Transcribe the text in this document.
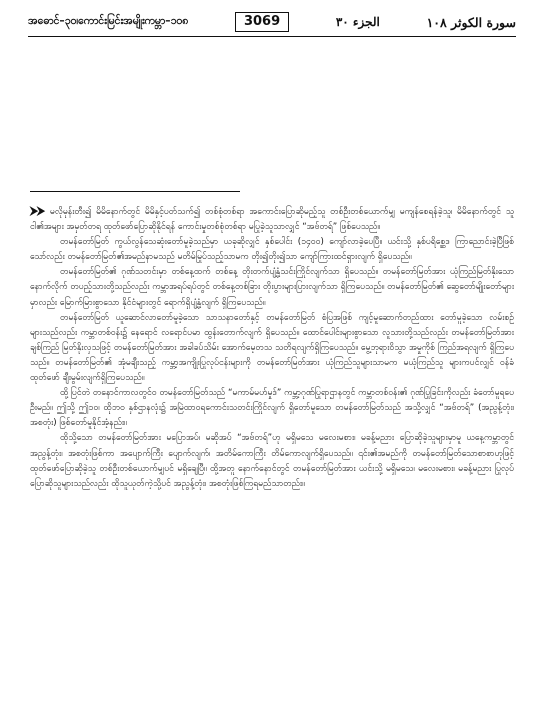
အဓောင်–၃၀၊ကောင်းမြင်းအမျိုးကမ္ဘာ–၁၀၈	3069	الجزء ٣٠	سورة الكوثر ١٠٨

⮞⮞ မလိုမုန်းတီး၍ မိမိနောက်တွင် မိမိနှင့်ပတ်သက်၍ တစ်စုံတစ်ရာ အကောင်းပြောဆိုမည့်သူ တစ်ဦးတစ်ယောက်မျှ မကျန်စေရန်ခဲ့သူ၊ မိမိနောက်တွင် သူငါ၏အများ အမှတ်တရ ထုတ်ဖော်ပြောဆိုနိုင်ရန် ကောင်းမှုတစ်စုံတစ်ရာ မပြုခဲ့သူသာလျှင် “အဗ်တရ်” ဖြစ်ပေသည်။

တမန်တော်မြတ် ကွယ်လွန်သေဆုံးတော်မူခဲ့သည်မှာ ယခုဆိုလျှင် နှစ်ပေါင်း (၁၄၀၀) ကျော်လာခဲ့ပေပြီ။ ယင်းသို့ နှစ်ပရိစ္ဆေဒ ကြာညောင်းခဲ့ပြီဖြစ်သော်လည်း တမန်တော်မြတ်၏အမည်နာမသည် မတိမ်မြုပ်သည့်သာမက တိုး၍တိုး၍သာ ကျော်ကြားထင်ရှားလျက် ရှိပေသည်။

တမန်တော်မြတ်၏ ဂုဏ်သတင်းမှာ တစ်နေ့ထက် တစ်နေ့ တိုးတက်ပျံ့နှံ့သင်းကြိုင်လျက်သာ ရှိပေသည်။ တမန်တော်မြတ်အား ယုံကြည်မြတ်နိုးသော နောက်လိုက် တပည့်သားတို့သည်လည်း ကမ္ဘာအရပ်ရပ်တွင် တစ်နေ့တစ်ခြား တိုးပွားများပြားလျက်သာ ရှိကြပေသည်။ တမန်တော်မြတ်၏ ဆွေတော်မျိုးတော်များမှာလည်း မြောက်မြားစွာသော နိုင်ငံများတွင် ရောက်ရှိပျံ့နှံ့လျက် ရှိကြပေသည်။

တမန်တော်မြတ် ယူဆောင်လာတော်မူခဲ့သော သာသနာတော်နှင့် တမန်တော်မြတ် စံပြအဖြစ် ကျင့်မူဆောက်တည်ထား တော်မူခဲ့သော လမ်းစဉ်များသည်လည်း ကမ္ဘာတစ်ဝန်း၌ နေရောင် လရောင်ပမာ ထွန်းတောက်လျက် ရှိပေသည်။ ထောင်ပေါင်းများစွာသော လူသားတို့သည်လည်း တမန်တော်မြတ်အား ချစ်ကြည် မြတ်နိုးလှသဖြင့် တမန်တော်မြတ်အား အခါခပ်သိမ်း အောက်မေ့တသ သတိရလျက်ရှိကြပေသည်။ မွေ့ဘုရားဝိသွာ အမှုကိုစ် ကြည်အရလျက် ရှိကြပေသည်။ တမန်တော်မြတ်၏ အုံမချီးသည့် ကမ္ဘာ့အကျိုးပြုလုပ်ငန်းများကို တမန်တော်မြတ်အား ယုံကြည်သူများသာမက မယုံကြည်သူ များကပင်လျှင် ဝန်ခံထုတ်ဖော် ချီးမွမ်းလျက်ရှိကြပေသည်။

ထို့ပြင်တဲ တနောင်ကာလတွင်ဝ တမန်တော်မြတ်သည် “မကာမ်မဟ်မှုဒ်” ကမ္ဘာ့ဂုဏ်ပြုရာဌာနတွင် ကမ္ဘာတစ်ဝန်း၏ ဂုဏ်ပြုခြင်းကိုလည်း ခံတော်မူရပေဦးမည်။ ဤသို့ ဤ၁ဝ၊ ထိုဘဝ နှစ်ဌာနလုံး၌ အမြဲထာဝရကောင်းသတင်းကြိုင်လျက် ရှိတော်မူသော တမန်တော်မြတ်သည် အသို့လျှင် “အဗ်တရ်” (အညွန့်တုံး၊ အစတုံး) ဖြစ်တော်မူနိုင်အံ့နည်း။

ထိုသို့သော တမန်တော်မြတ်အား မပြောအပ်၊ မဆိုအပ် “အဗ်တရ်”ဟု မရှိမသေ မလေးမစား၊ မခန့်မညား ပြောဆိုခဲ့သူများမှာမူ ယနေ့ကမ္ဘာတွင် အညွန့်တုံး၊ အစတုံးဖြစ်ကာ အပျောက်ကြီး ပျောက်လျက်၊ အတိမ်ကောကြီး တိမ်ကောလျက်ရှိပေသည်။ ၎င်း၏အမည်ကို တမန်တော်မြတ်သောစာစာဟုဖြင့် ထုတ်ဖော်ပြောဆိုခဲ့သူ တစ်ဦးတစ်ယောက်မျှပင် မရှိချေပြီ။ ထို့အတူ နောက်နောင်တွင် တမန်တော်မြတ်အား ယင်းသို့ မရှိမသေ၊ မလေးမစား၊ မခန့်မညား ပြုလုပ်ပြောဆိုသူများသည်လည်း ထိုသူယုတ်ကဲ့သို့ပင် အညွန့်တုံး၊ အစတုံးဖြစ်ကြရမည်သာတည်း။
